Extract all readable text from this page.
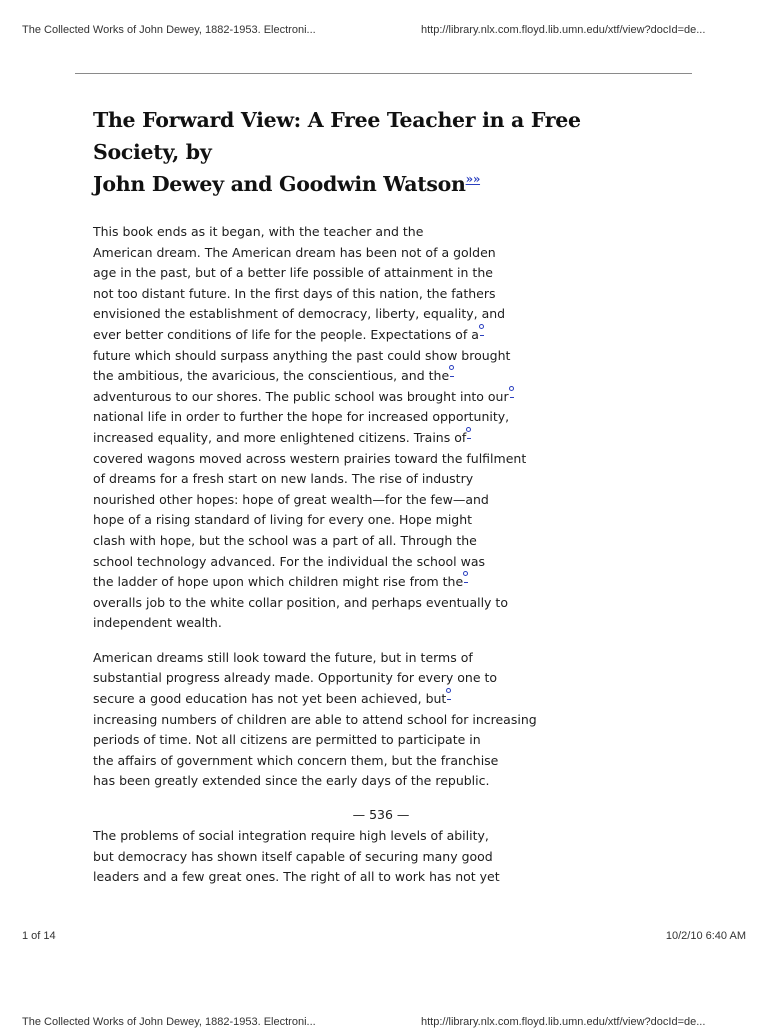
The Collected Works of John Dewey, 1882-1953. Electroni...	http://library.nlx.com.floyd.lib.umn.edu/xtf/view?docId=de...
The Forward View: A Free Teacher in a Free Society, by
John Dewey and Goodwin Watson»»
This book ends as it began, with the teacher and the
American dream. The American dream has been not of a golden
age in the past, but of a better life possible of attainment in the
not too distant future. In the first days of this nation, the fathers
envisioned the establishment of democracy, liberty, equality, and
ever better conditions of life for the people. Expectations of a
future which should surpass anything the past could show brought
the ambitious, the avaricious, the conscientious, and the
adventurous to our shores. The public school was brought into our
national life in order to further the hope for increased opportunity,
increased equality, and more enlightened citizens. Trains of
covered wagons moved across western prairies toward the fulfilment
of dreams for a fresh start on new lands. The rise of industry
nourished other hopes: hope of great wealth—for the few—and
hope of a rising standard of living for every one. Hope might
clash with hope, but the school was a part of all. Through the
school technology advanced. For the individual the school was
the ladder of hope upon which children might rise from the
overalls job to the white collar position, and perhaps eventually to
independent wealth.
American dreams still look toward the future, but in terms of
substantial progress already made. Opportunity for every one to
secure a good education has not yet been achieved, but
increasing numbers of children are able to attend school for increasing
periods of time. Not all citizens are permitted to participate in
the affairs of government which concern them, but the franchise
has been greatly extended since the early days of the republic.
— 536 —
The problems of social integration require high levels of ability,
but democracy has shown itself capable of securing many good
leaders and a few great ones. The right of all to work has not yet
1 of 14	10/2/10 6:40 AM
The Collected Works of John Dewey, 1882-1953. Electroni...	http://library.nlx.com.floyd.lib.umn.edu/xtf/view?docId=de...
